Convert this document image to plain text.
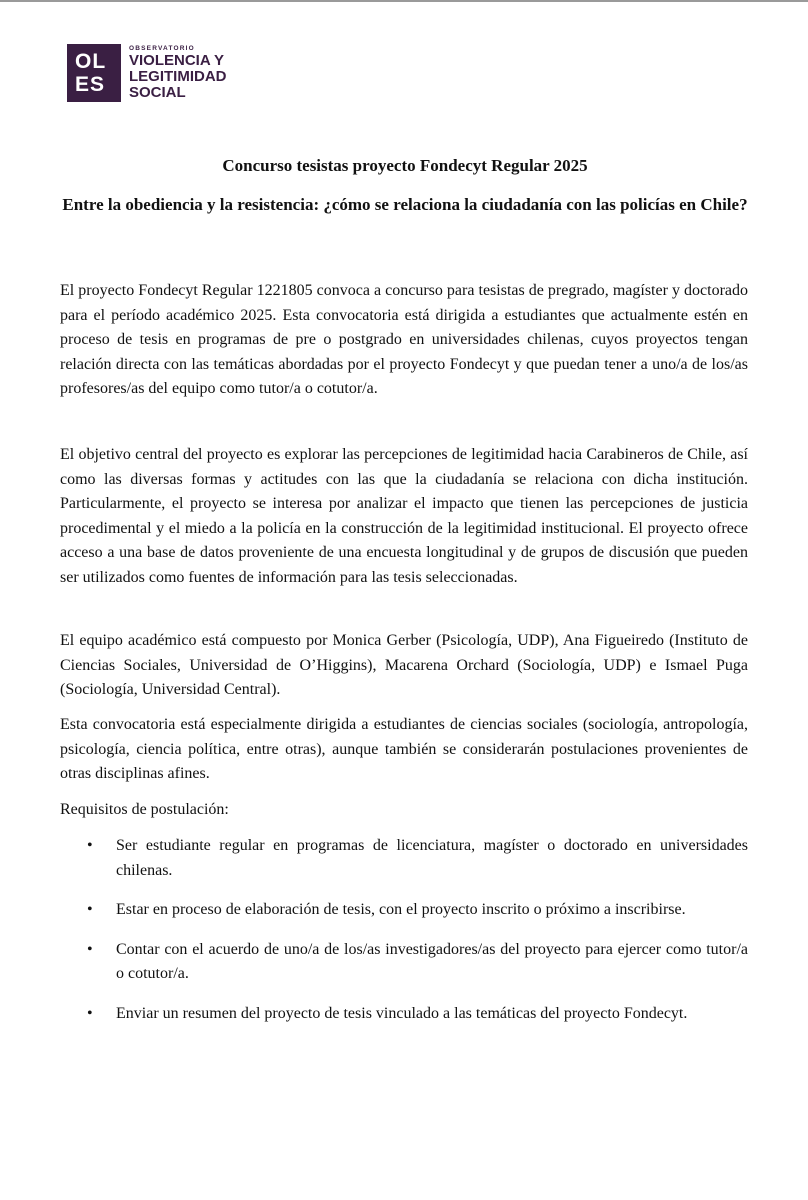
OL
ES
OBSERVATORIO
VIOLENCIA Y
LEGITIMIDAD
SOCIAL
Concurso tesistas proyecto Fondecyt Regular 2025
Entre la obediencia y la resistencia: ¿cómo se relaciona la ciudadanía con las policías en Chile?

El proyecto Fondecyt Regular 1221805 convoca a concurso para tesistas de pregrado, magíster y doctorado para el período académico 2025. Esta convocatoria está dirigida a estudiantes que actualmente estén en proceso de tesis en programas de pre o postgrado en universidades chilenas, cuyos proyectos tengan relación directa con las temáticas abordadas por el proyecto Fondecyt y que puedan tener a uno/a de los/as profesores/as del equipo como tutor/a o cotutor/a.

El objetivo central del proyecto es explorar las percepciones de legitimidad hacia Carabineros de Chile, así como las diversas formas y actitudes con las que la ciudadanía se relaciona con dicha institución. Particularmente, el proyecto se interesa por analizar el impacto que tienen las percepciones de justicia procedimental y el miedo a la policía en la construcción de la legitimidad institucional. El proyecto ofrece acceso a una base de datos proveniente de una encuesta longitudinal y de grupos de discusión que pueden ser utilizados como fuentes de información para las tesis seleccionadas.

El equipo académico está compuesto por Monica Gerber (Psicología, UDP), Ana Figueiredo (Instituto de Ciencias Sociales, Universidad de O’Higgins), Macarena Orchard (Sociología, UDP) e Ismael Puga (Sociología, Universidad Central).

Esta convocatoria está especialmente dirigida a estudiantes de ciencias sociales (sociología, antropología, psicología, ciencia política, entre otras), aunque también se considerarán postulaciones provenientes de otras disciplinas afines.

Requisitos de postulación:

• Ser estudiante regular en programas de licenciatura, magíster o doctorado en universidades chilenas.
• Estar en proceso de elaboración de tesis, con el proyecto inscrito o próximo a inscribirse.
• Contar con el acuerdo de uno/a de los/as investigadores/as del proyecto para ejercer como tutor/a o cotutor/a.
• Enviar un resumen del proyecto de tesis vinculado a las temáticas del proyecto Fondecyt.
